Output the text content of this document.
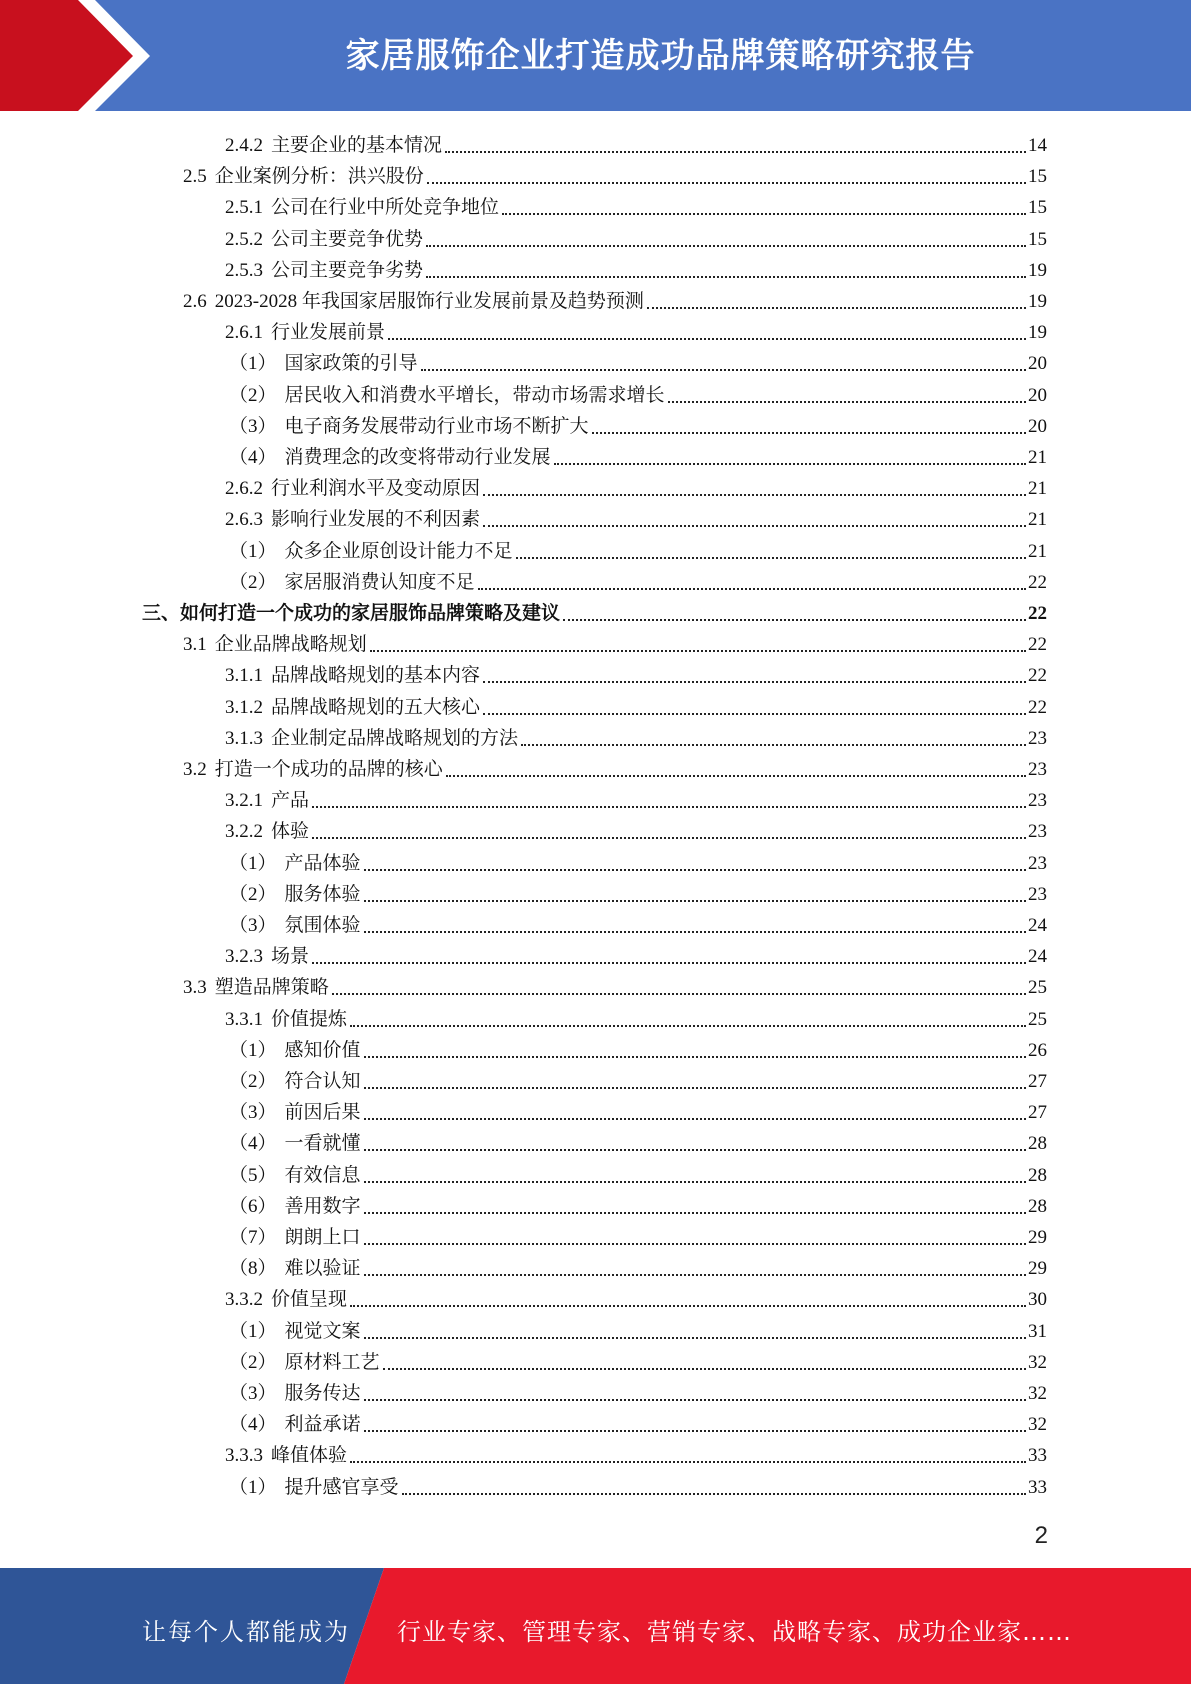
家居服饰企业打造成功品牌策略研究报告
2.4.2 主要企业的基本情况	14
2.5 企业案例分析：洪兴股份	15
2.5.1 公司在行业中所处竞争地位	15
2.5.2 公司主要竞争优势	15
2.5.3 公司主要竞争劣势	19
2.6 2023-2028 年我国家居服饰行业发展前景及趋势预测	19
2.6.1 行业发展前景	19
（1） 国家政策的引导	20
（2） 居民收入和消费水平增长，带动市场需求增长	20
（3） 电子商务发展带动行业市场不断扩大	20
（4） 消费理念的改变将带动行业发展	21
2.6.2 行业利润水平及变动原因	21
2.6.3 影响行业发展的不利因素	21
（1） 众多企业原创设计能力不足	21
（2） 家居服消费认知度不足	22
三、如何打造一个成功的家居服饰品牌策略及建议	22
3.1 企业品牌战略规划	22
3.1.1 品牌战略规划的基本内容	22
3.1.2 品牌战略规划的五大核心	22
3.1.3 企业制定品牌战略规划的方法	23
3.2 打造一个成功的品牌的核心	23
3.2.1 产品	23
3.2.2 体验	23
（1） 产品体验	23
（2） 服务体验	23
（3） 氛围体验	24
3.2.3 场景	24
3.3 塑造品牌策略	25
3.3.1 价值提炼	25
（1） 感知价值	26
（2） 符合认知	27
（3） 前因后果	27
（4） 一看就懂	28
（5） 有效信息	28
（6） 善用数字	28
（7） 朗朗上口	29
（8） 难以验证	29
3.3.2 价值呈现	30
（1） 视觉文案	31
（2） 原材料工艺	32
（3） 服务传达	32
（4） 利益承诺	32
3.3.3 峰值体验	33
（1） 提升感官享受	33
2
让每个人都能成为 行业专家、管理专家、营销专家、战略专家、成功企业家……
